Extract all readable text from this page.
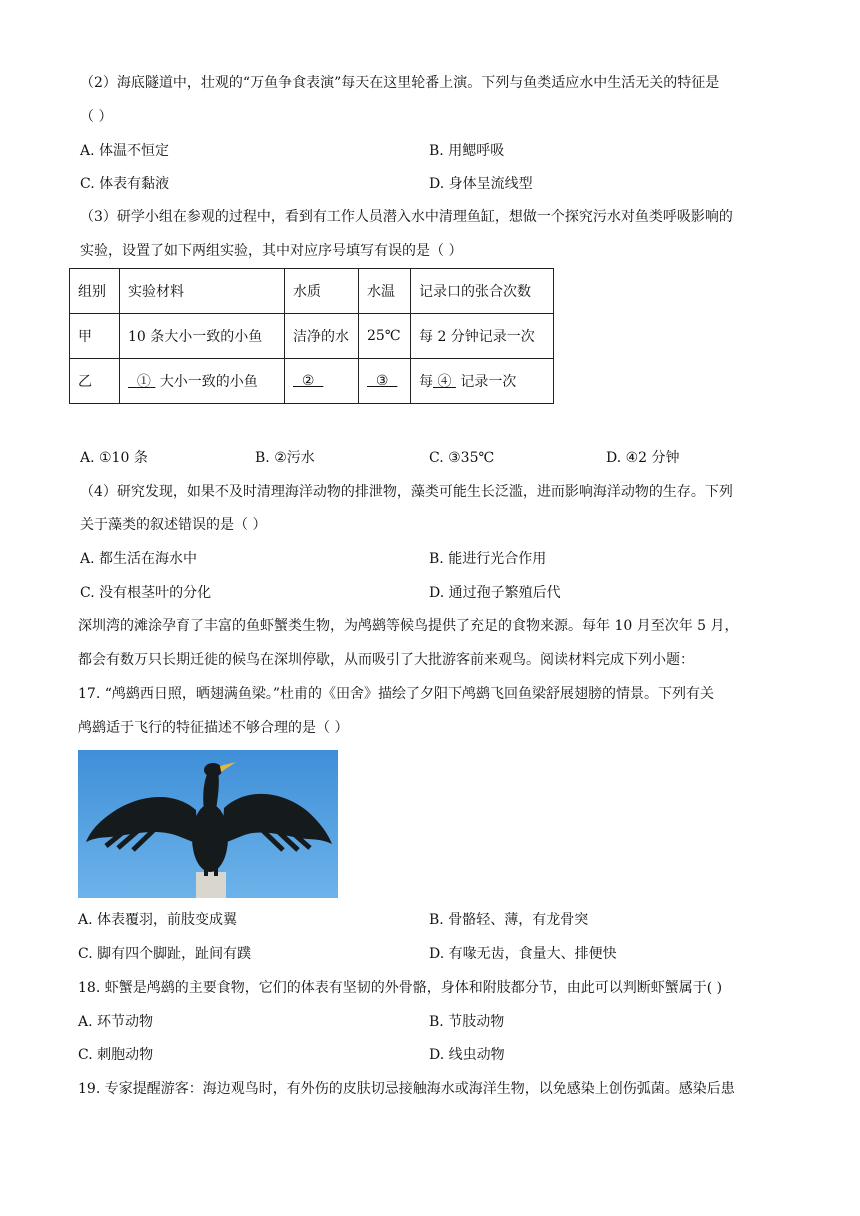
（2）海底隧道中，壮观的“万鱼争食表演”每天在这里轮番上演。下列与鱼类适应水中生活无关的特征是
（ ）
A. 体温不恒定	B. 用鳃呼吸
C. 体表有黏液	D. 身体呈流线型
（3）研学小组在参观的过程中，看到有工作人员潜入水中清理鱼缸，想做一个探究污水对鱼类呼吸影响的
实验，设置了如下两组实验，其中对应序号填写有误的是（ ）
组别	实验材料	水质	水温	记录口的张合次数
甲	10 条大小一致的小鱼	洁净的水	25℃	每 2 分钟记录一次
乙	① 大小一致的小鱼	②	③	每 ④ 记录一次
A. ①10 条	B. ②污水	C. ③35℃	D. ④2 分钟
（4）研究发现，如果不及时清理海洋动物的排泄物，藻类可能生长泛滥，进而影响海洋动物的生存。下列
关于藻类的叙述错误的是（ ）
A. 都生活在海水中	B. 能进行光合作用
C. 没有根茎叶的分化	D. 通过孢子繁殖后代
深圳湾的滩涂孕育了丰富的鱼虾蟹类生物，为鸬鹚等候鸟提供了充足的食物来源。每年 10 月至次年 5 月，
都会有数万只长期迁徙的候鸟在深圳停歇，从而吸引了大批游客前来观鸟。阅读材料完成下列小题：
17. “鸬鹚西日照，晒翅满鱼梁。”杜甫的《田舍》描绘了夕阳下鸬鹚飞回鱼梁舒展翅膀的情景。下列有关
鸬鹚适于飞行的特征描述不够合理的是（ ）
A. 体表覆羽，前肢变成翼	B. 骨骼轻、薄，有龙骨突
C. 脚有四个脚趾，趾间有蹼	D. 有喙无齿，食量大、排便快
18. 虾蟹是鸬鹚的主要食物，它们的体表有坚韧的外骨骼，身体和附肢都分节，由此可以判断虾蟹属于( )
A. 环节动物	B. 节肢动物
C. 刺胞动物	D. 线虫动物
19. 专家提醒游客：海边观鸟时，有外伤的皮肤切忌接触海水或海洋生物，以免感染上创伤弧菌。感染后患
